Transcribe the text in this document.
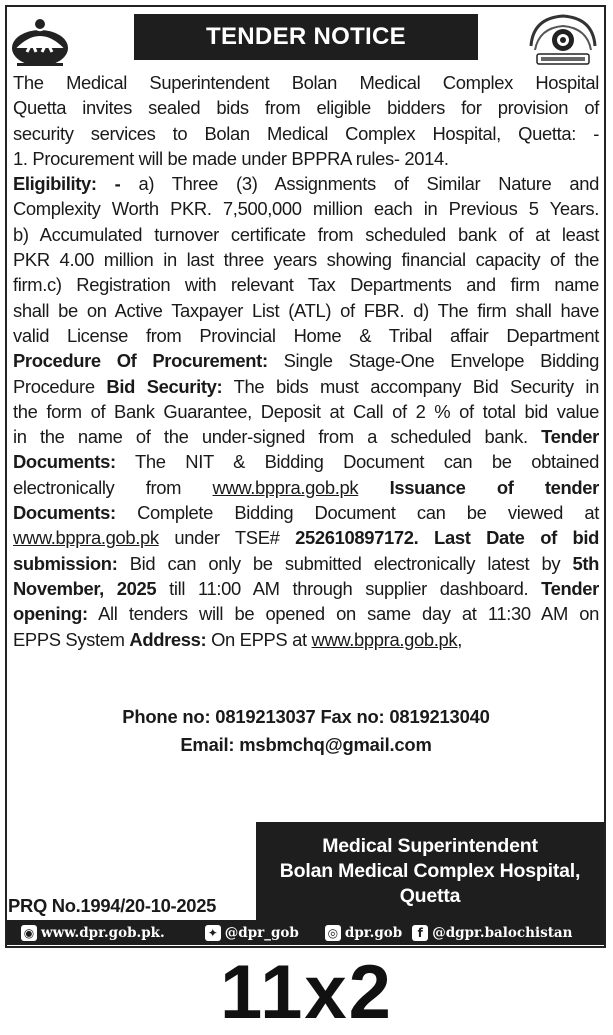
TENDER NOTICE
The Medical Superintendent Bolan Medical Complex Hospital
Quetta invites sealed bids from eligible bidders for provision of
security services to Bolan Medical Complex Hospital, Quetta: -
1. Procurement will be made under BPPRA rules- 2014.
Eligibility: - a) Three (3) Assignments of Similar Nature and
Complexity Worth PKR. 7,500,000 million each in Previous 5 Years.
b) Accumulated turnover certificate from scheduled bank of at least
PKR 4.00 million in last three years showing financial capacity of the
firm.c) Registration with relevant Tax Departments and firm name
shall be on Active Taxpayer List (ATL) of FBR. d) The firm shall have
valid License from Provincial Home & Tribal affair Department
Procedure Of Procurement: Single Stage-One Envelope Bidding
Procedure Bid Security: The bids must accompany Bid Security in
the form of Bank Guarantee, Deposit at Call of 2 % of total bid value
in the name of the under-signed from a scheduled bank. Tender
Documents: The NIT & Bidding Document can be obtained
electronically from www.bppra.gob.pk Issuance of tender
Documents: Complete Bidding Document can be viewed at
www.bppra.gob.pk under TSE# 252610897172. Last Date of bid
submission: Bid can only be submitted electronically latest by 5th
November, 2025 till 11:00 AM through supplier dashboard. Tender
opening: All tenders will be opened on same day at 11:30 AM on
EPPS System Address: On EPPS at www.bppra.gob.pk,
Phone no: 0819213037 Fax no: 0819213040
Email: msbmchq@gmail.com
Medical Superintendent
Bolan Medical Complex Hospital,
Quetta
PRQ No.1994/20-10-2025
◉ www.dpr.gob.pk.	✦ @dpr_gob ◎ dpr.gob	f @dgpr.balochistan
11x2
